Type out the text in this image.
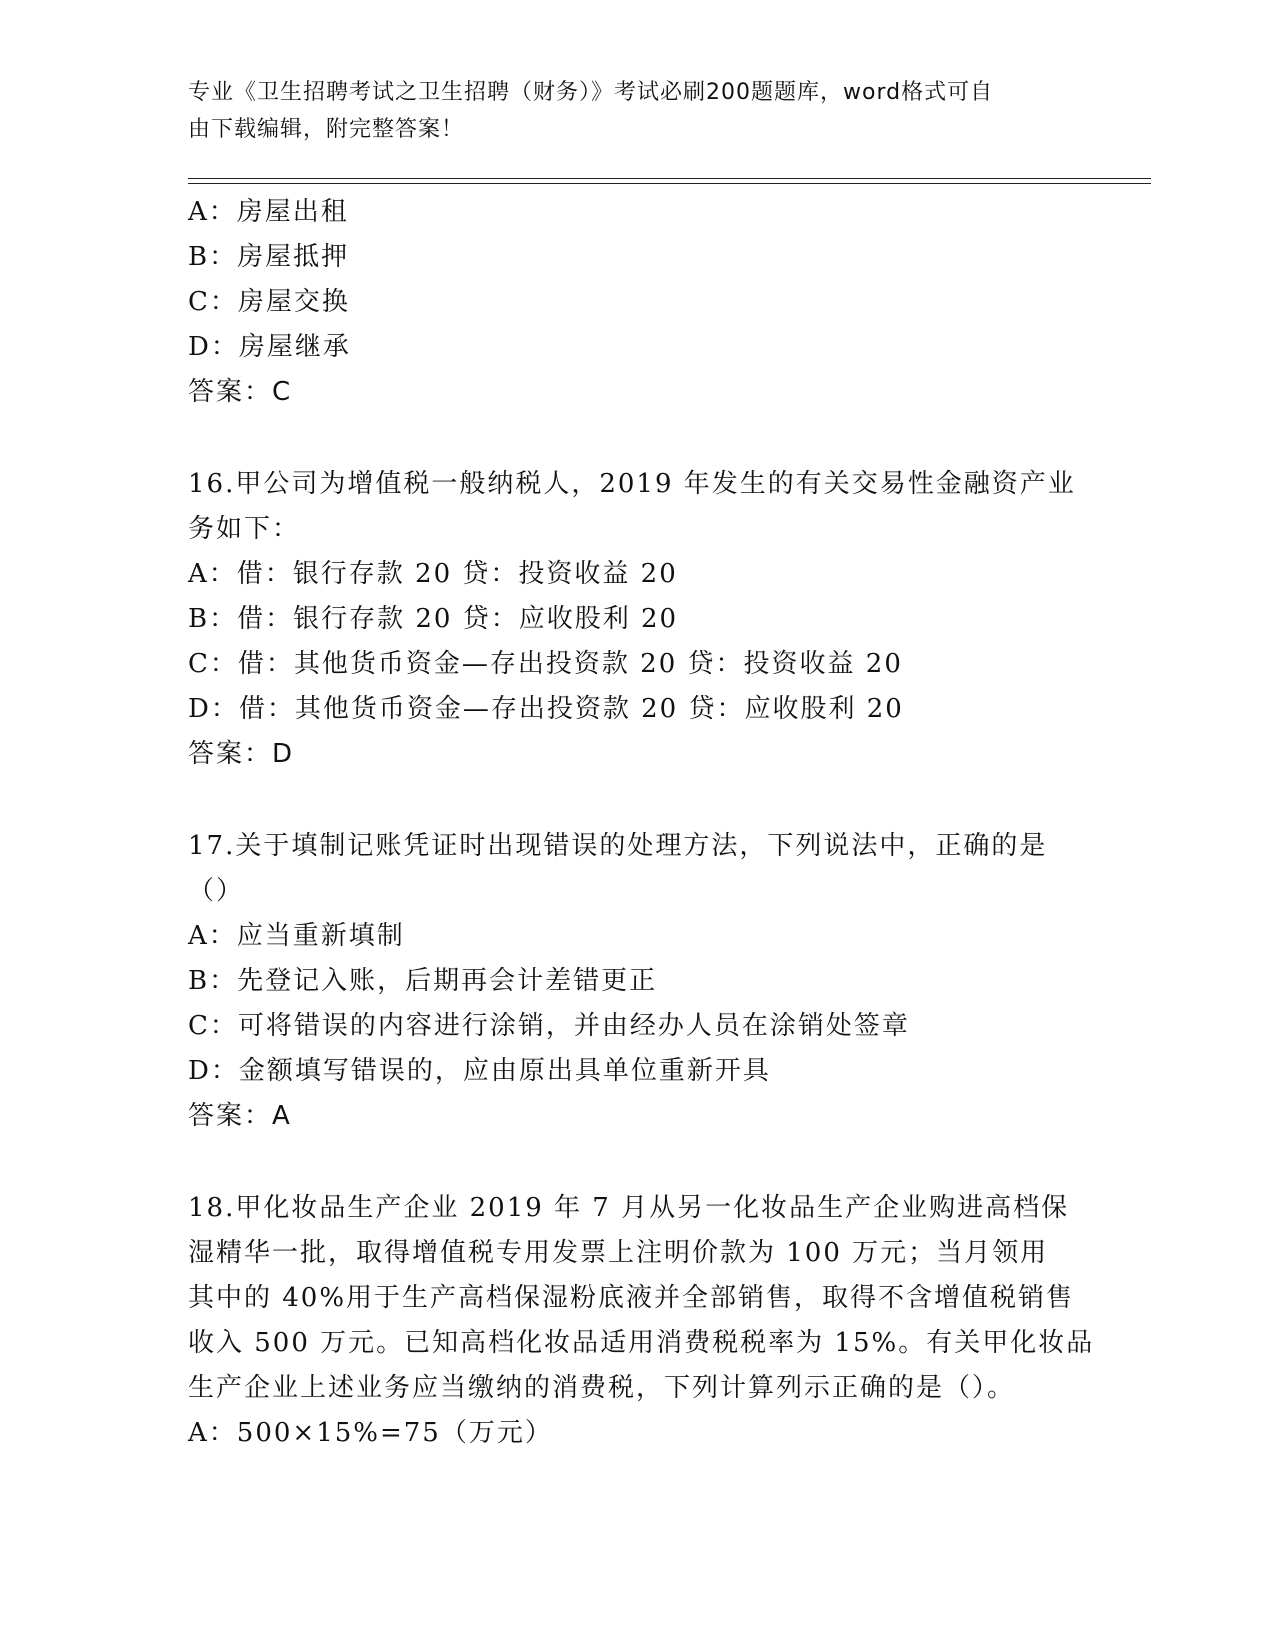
专业《卫生招聘考试之卫生招聘（财务）》考试必刷200题题库，word格式可自
由下载编辑，附完整答案！
A：房屋出租
B：房屋抵押
C：房屋交换
D：房屋继承
答案：C
16.甲公司为增值税一般纳税人，2019 年发生的有关交易性金融资产业
务如下：
A：借：银行存款 20 贷：投资收益 20
B：借：银行存款 20 贷：应收股利 20
C：借：其他货币资金—存出投资款 20 贷：投资收益 20
D：借：其他货币资金—存出投资款 20 贷：应收股利 20
答案：D
17.关于填制记账凭证时出现错误的处理方法，下列说法中，正确的是
（）
A：应当重新填制
B：先登记入账，后期再会计差错更正
C：可将错误的内容进行涂销，并由经办人员在涂销处签章
D：金额填写错误的，应由原出具单位重新开具
答案：A
18.甲化妆品生产企业 2019 年 7 月从另一化妆品生产企业购进高档保
湿精华一批，取得增值税专用发票上注明价款为 100 万元；当月领用
其中的 40%用于生产高档保湿粉底液并全部销售，取得不含增值税销售
收入 500 万元。已知高档化妆品适用消费税税率为 15%。有关甲化妆品
生产企业上述业务应当缴纳的消费税，下列计算列示正确的是（）。
A：500×15%=75（万元）
